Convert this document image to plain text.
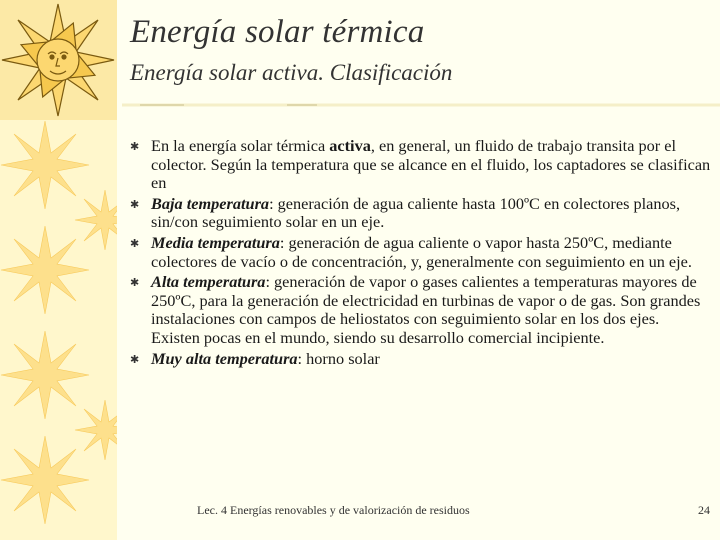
Energía solar térmica
Energía solar activa. Clasificación
✱ En la energía solar térmica activa, en general, un fluido de trabajo transita por el colector. Según la temperatura que se alcance en el fluido, los captadores se clasifican en
✱ Baja temperatura: generación de agua caliente hasta 100ºC en colectores planos, sin/con seguimiento solar en un eje.
✱ Media temperatura: generación de agua caliente o vapor hasta 250ºC, mediante colectores de vacío o de concentración, y, generalmente con seguimiento en un eje.
✱ Alta temperatura: generación de vapor o gases calientes a temperaturas mayores de 250ºC, para la generación de electricidad en turbinas de vapor o de gas. Son grandes instalaciones con campos de heliostatos con seguimiento solar en los dos ejes. Existen pocas en el mundo, siendo su desarrollo comercial incipiente.
✱ Muy alta temperatura: horno solar
Lec. 4 Energías renovables y de valorización de residuos	24
